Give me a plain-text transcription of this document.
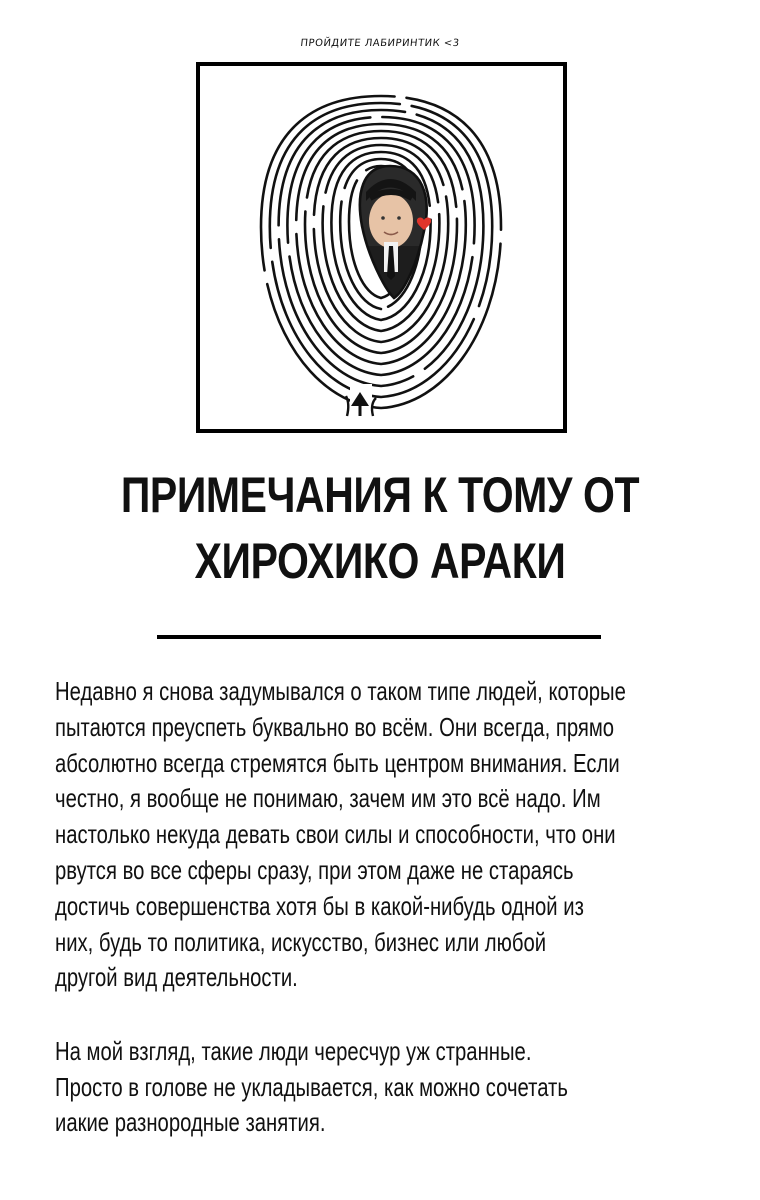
ПРОЙДИТЕ ЛАБИРИНТИК <3
ПРИМЕЧАНИЯ К ТОМУ ОТ
ХИРОХИКО АРАКИ
Недавно я снова задумывался о таком типе людей, которые
пытаются преуспеть буквально во всём. Они всегда, прямо
абсолютно всегда стремятся быть центром внимания. Если
честно, я вообще не понимаю, зачем им это всё надо. Им
настолько некуда девать свои силы и способности, что они
рвутся во все сферы сразу, при этом даже не стараясь
достичь совершенства хотя бы в какой-нибудь одной из
них, будь то политика, искусство, бизнес или любой
другой вид деятельности.
На мой взгляд, такие люди чересчур уж странные.
Просто в голове не укладывается, как можно сочетать
иакие разнородные занятия.
